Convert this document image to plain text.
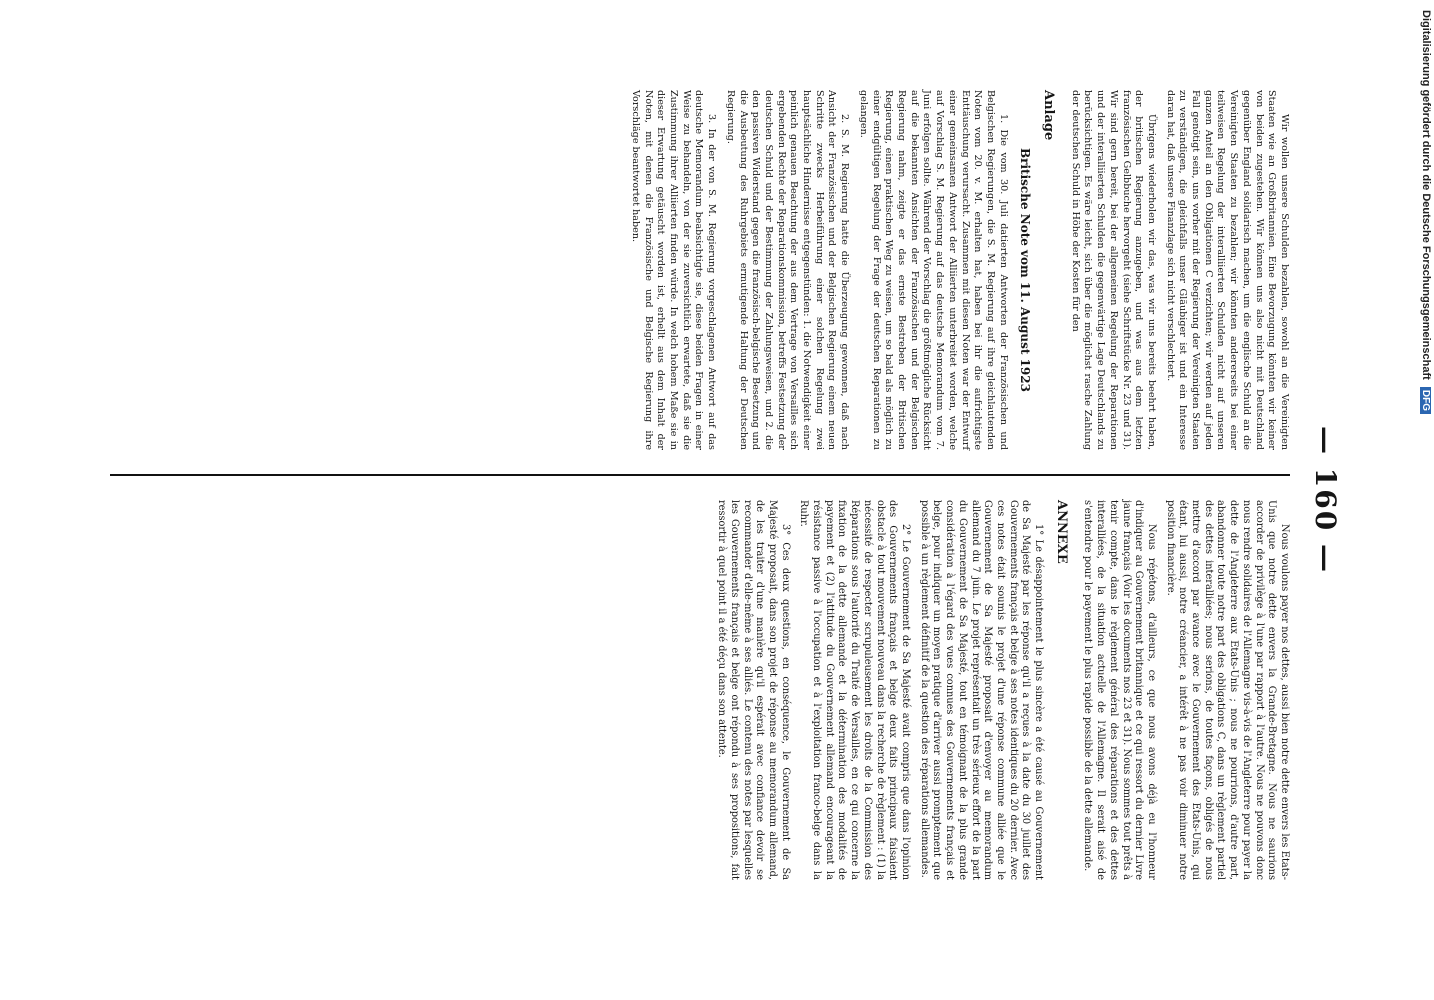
— 160 —

Wir wollen unsere Schulden bezahlen, sowohl an die Vereinigten Staaten wie an Großbritannien. Eine Bevorzugung könnten wir keiner von beiden zugestehen. Wir können uns also nicht mit Deutschland gegenüber England solidarisch machen, um die englische Schuld an die Vereinigten Staaten zu bezahlen; wir könnten andererseits bei einer teilweisen Regelung der interalliierten Schulden nicht auf unseren ganzen Anteil an den Obligationen C verzichten; wir werden auf jeden Fall genötigt sein, uns vorher mit der Regierung der Vereinigten Staaten zu verständigen, die gleichfalls unser Gläubiger ist und ein Interesse daran hat, daß unsere Finanzlage sich nicht verschlechtert.

Übrigens wiederholen wir das, was wir uns bereits beehrt haben, der britischen Regierung anzugeben, und was aus dem letzten französischen Gelbbuche hervorgeht (siehe Schriftstücke Nr. 23 und 31). Wir sind gern bereit, bei der allgemeinen Regelung der Reparationen und der interalliierten Schulden die gegenwärtige Lage Deutschlands zu berücksichtigen. Es wäre leicht, sich über die möglichst rasche Zahlung der deutschen Schuld in Höhe der Kosten für den

Anlage
Britische Note vom 11. August 1923

1. Die vom 30. Juli datierten Antworten der Französischen und Belgischen Regierungen, die S. M. Regierung auf ihre gleichlautenden Noten vom 20. v. M. erhalten hat, haben bei ihr die aufrichtigste Enttäuschung verursacht. Zusammen mit diesen Noten war der Entwurf einer gemeinsamen Antwort der Alliierten unterbreitet worden, welche auf Vorschlag S. M. Regierung auf das deutsche Memorandum vom 7. Juni erfolgen sollte. Während der Vorschlag die größtmögliche Rücksicht auf die bekannten Ansichten der Französischen und der Belgischen Regierung nahm, zeigte er das ernste Bestreben der Britischen Regierung, einen praktischen Weg zu weisen, um so bald als möglich zu einer endgültigen Regelung der Frage der deutschen Reparationen zu gelangen.

2. S. M. Regierung hatte die Überzeugung gewonnen, daß nach Ansicht der Französischen und der Belgischen Regierung einem neuen Schritte zwecks Herbeiführung einer solchen Regelung zwei hauptsächliche Hindernisse entgegenstünden: 1. die Notwendigkeit einer peinlich genauen Beachtung der aus dem Vertrage von Versailles sich ergebenden Rechte der Reparationskommission, betreffs Festsetzung der deutschen Schuld und der Bestimmung der Zahlungsweisen, und 2. die den passiven Widerstand gegen die französisch-belgische Besetzung und die Ausbeutung des Ruhrgebiets ermutigende Haltung der Deutschen Regierung.

3. In der von S. M. Regierung vorgeschlagenen Antwort auf das deutsche Memorandum beabsichtigte sie, diese beiden Fragen in einer Weise zu behandeln, von der sie zuversichtlich erwartete, daß sie die Zustimmung ihrer Alliierten finden würde. In welch hohem Maße sie in dieser Erwartung getäuscht worden ist, erhellt aus dem Inhalt der Noten, mit denen die Französische und Belgische Regierung ihre Vorschläge beantwortet haben.

Nous voulons payer nos dettes, aussi bien notre dette envers les Etats-Unis que notre dette envers la Grande-Bretagne. Nous ne saurions accorder de privilège à l'une par rapport à l'autre. Nous ne pouvons donc nous rendre solidaires de l'Allemagne vis-à-vis de l'Angleterre pour payer la dette de l'Angleterre aux Etats-Unis ; nous ne pourrions, d'autre part, abandonner toute notre part des obligations C, dans un règlement partiel des dettes interalliées; nous serions, de toutes façons, obligés de nous mettre d'accord par avance avec le Gouvernement des Etats-Unis, qui étant, lui aussi, notre créancier, a intérêt à ne pas voir diminuer notre position financière.

Nous répétons, d'ailleurs, ce que nous avons déjà eu l'honneur d'indiquer au Gouvernement britannique et ce qui ressort du dernier Livre jaune français (Voir les documents nos 23 et 31). Nous sommes tout prêts à tenir compte, dans le règlement général des réparations et des dettes interalliées, de la situation actuelle de l'Allemagne. Il serait aisé de s'entendre pour le payement le plus rapide possible de la dette allemande.

ANNEXE

1° Le désappointement le plus sincère a été causé au Gouvernement de Sa Majesté par les réponse qu'il a reçues à la date du 30 juillet des Gouvernements français et belge à ses notes identiques du 20 dernier. Avec ces notes était soumis le projet d'une réponse commune alliée que le Gouvernement de Sa Majesté proposait d'envoyer au memorandum allemand du 7 juin. Le projet représentait un très sérieux effort de la part du Gouvernement de Sa Majesté, tout en témoignant de la plus grande considération à l'égard des vues connues des Gouvernements français et belge, pour indiquer un moyen pratique d'arriver aussi promptement que possible à un règlement définitif de la question des réparations allemandes.

2° Le Gouvernement de Sa Majesté avait compris que dans l'opinion des Gouvernements français et belge deux faits principaux faisaient obstacle à tout mouvement nouveau dans la recherche de règlement : (1) la nécessité de respecter scrupuleusement les droits de la Commission des Réparations sous l'autorité du Traité de Versailles, en ce qui concerne la fixation de la dette allemande et la détermination des modalités de payement et (2) l'attitude du Gouvernement allemand encourageant la résistance passive à l'occupation et à l'exploitation franco-belge dans la Ruhr.

3° Ces deux questions, en conséquence, le Gouvernement de Sa Majesté proposait, dans son projet de réponse au memorandum allemand, de les traiter d'une manière qu'il espérait avec confiance devoir se recommander d'elle-même à ses alliés. Le contenu des notes par lesquelles les Gouvernements français et belge ont répondu à ses propositions, fait ressortir à quel point il a été déçu dans son attente.

Digitalisierung gefördert durch die Deutsche Forschungsgemeinschaft DFG
